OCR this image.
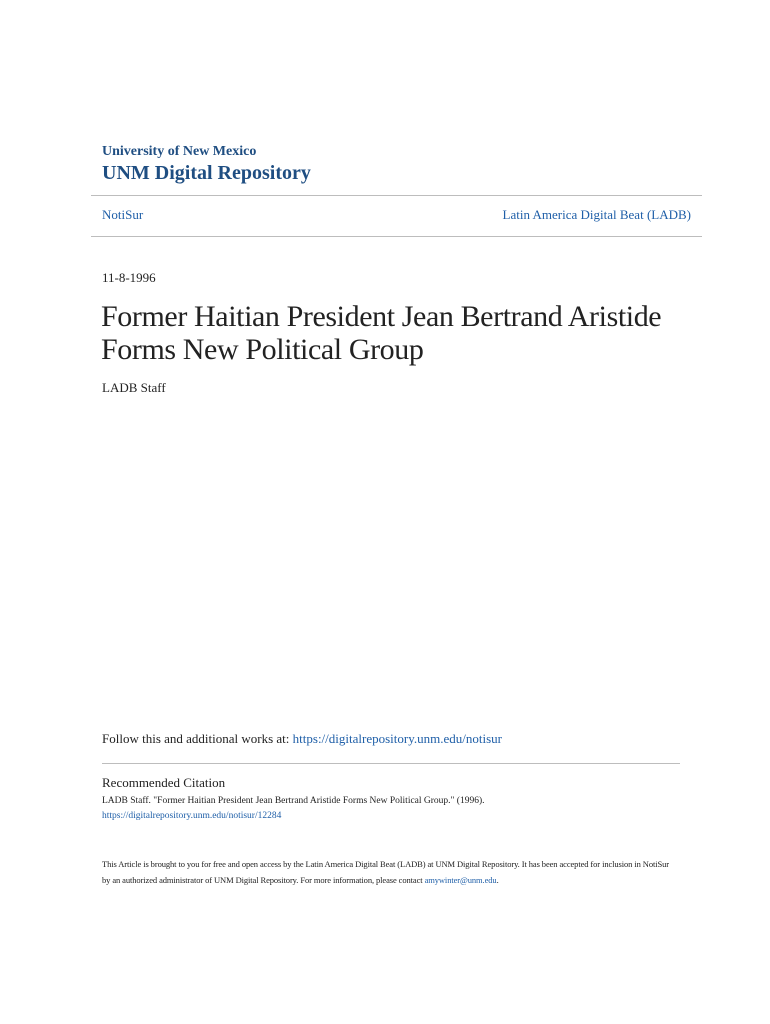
University of New Mexico
UNM Digital Repository
NotiSur	Latin America Digital Beat (LADB)
11-8-1996
Former Haitian President Jean Bertrand Aristide
Forms New Political Group
LADB Staff
Follow this and additional works at: https://digitalrepository.unm.edu/notisur
Recommended Citation
LADB Staff. "Former Haitian President Jean Bertrand Aristide Forms New Political Group." (1996).
https://digitalrepository.unm.edu/notisur/12284
This Article is brought to you for free and open access by the Latin America Digital Beat (LADB) at UNM Digital Repository. It has been accepted for inclusion in NotiSur by an authorized administrator of UNM Digital Repository. For more information, please contact amywinter@unm.edu.
